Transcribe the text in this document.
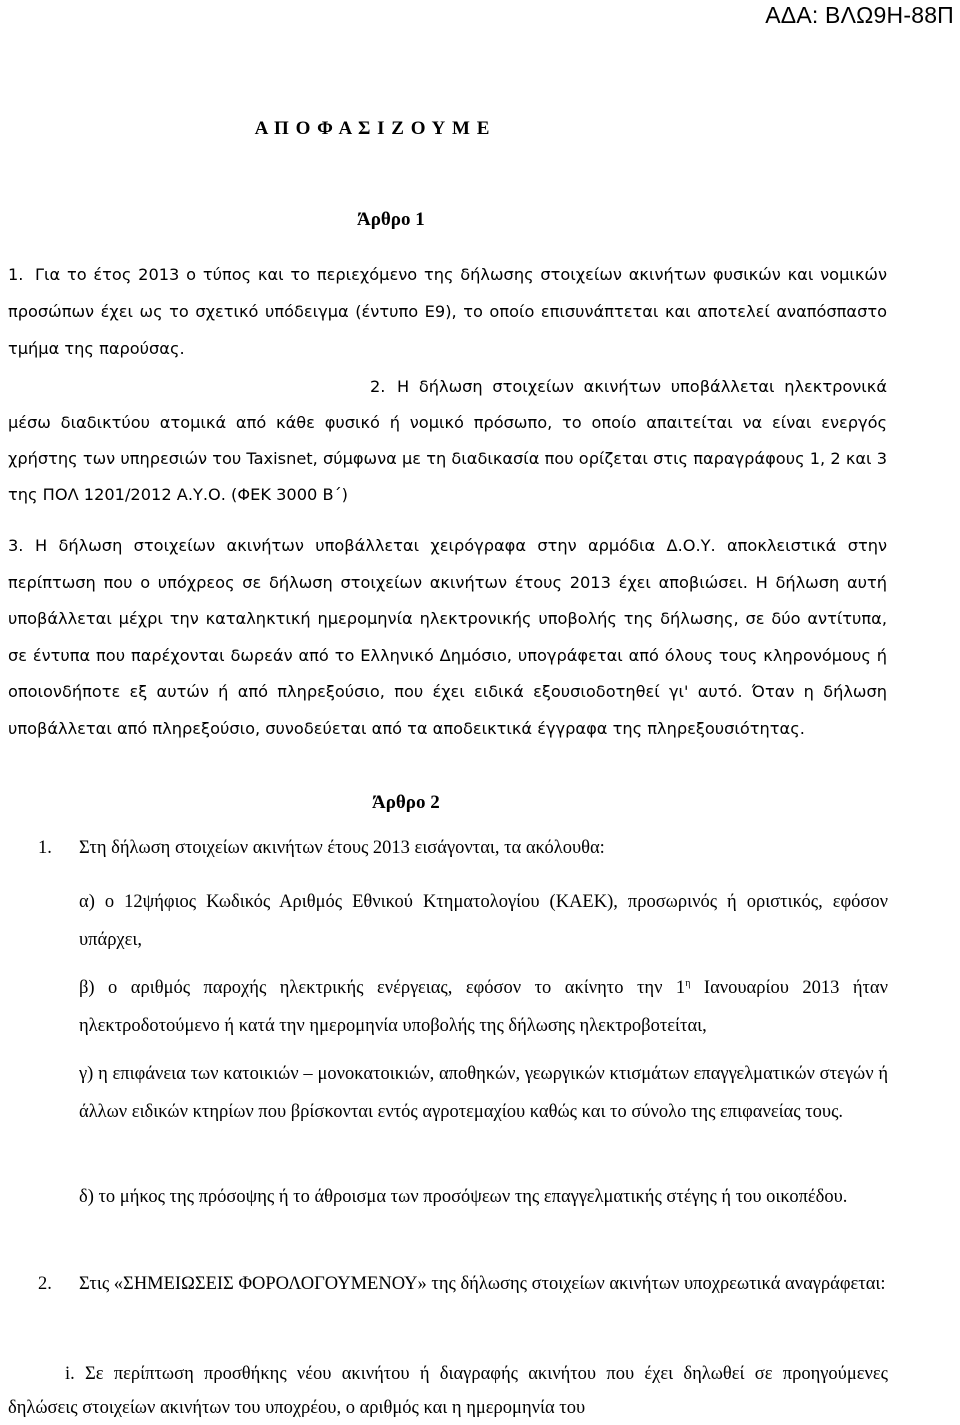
ΑΔΑ: ΒΛΩ9Η-88Π
Α Π Ο Φ Α Σ Ι Ζ Ο Υ Μ Ε
Άρθρο 1
1. Για το έτος 2013 ο τύπος και το περιεχόμενο της δήλωσης στοιχείων ακινήτων φυσικών και νομικών προσώπων έχει ως το σχετικό υπόδειγμα (έντυπο Ε9), το οποίο επισυνάπτεται και αποτελεί αναπόσπαστο τμήμα της παρούσας.
2. Η δήλωση στοιχείων ακινήτων υποβάλλεται ηλεκτρονικά μέσω διαδικτύου ατομικά από κάθε φυσικό ή νομικό πρόσωπο, το οποίο απαιτείται να είναι ενεργός χρήστης των υπηρεσιών του Taxisnet, σύμφωνα με τη διαδικασία που ορίζεται στις παραγράφους 1, 2 και 3 της ΠΟΛ 1201/2012 Α.Υ.Ο. (ΦΕΚ 3000 Β΄)
3. Η δήλωση στοιχείων ακινήτων υποβάλλεται χειρόγραφα στην αρμόδια Δ.Ο.Υ. αποκλειστικά στην περίπτωση που ο υπόχρεος σε δήλωση στοιχείων ακινήτων έτους 2013 έχει αποβιώσει. Η δήλωση αυτή υποβάλλεται μέχρι την καταληκτική ημερομηνία ηλεκτρονικής υποβολής της δήλωσης, σε δύο αντίτυπα, σε έντυπα που παρέχονται δωρεάν από το Ελληνικό Δημόσιο, υπογράφεται από όλους τους κληρονόμους ή οποιονδήποτε εξ αυτών ή από πληρεξούσιο, που έχει ειδικά εξουσιοδοτηθεί γι' αυτό. Όταν η δήλωση υποβάλλεται από πληρεξούσιο, συνοδεύεται από τα αποδεικτικά έγγραφα της πληρεξουσιότητας.
Άρθρο 2
1. Στη δήλωση στοιχείων ακινήτων έτους 2013 εισάγονται, τα ακόλουθα:
α) ο 12ψήφιος Κωδικός Αριθμός Εθνικού Κτηματολογίου (ΚΑΕΚ), προσωρινός ή οριστικός, εφόσον υπάρχει,
β) ο αριθμός παροχής ηλεκτρικής ενέργειας, εφόσον το ακίνητο την $1^\eta$ Ιανουαρίου 2013 ήταν ηλεκτροδοτούμενο ή κατά την ημερομηνία υποβολής της δήλωσης ηλεκτροβοτείται,
γ) η επιφάνεια των κατοικιών – μονοκατοικιών, αποθηκών, γεωργικών κτισμάτων επαγγελματικών στεγών ή άλλων ειδικών κτηρίων που βρίσκονται εντός αγροτεμαχίου καθώς και το σύνολο της επιφανείας τους.
δ) το μήκος της πρόσοψης ή το άθροισμα των προσόψεων της επαγγελματικής στέγης ή του οικοπέδου.
2. Στις «ΣΗΜΕΙΩΣΕΙΣ ΦΟΡΟΛΟΓΟΥΜΕΝΟΥ» της δήλωσης στοιχείων ακινήτων υποχρεωτικά αναγράφεται:
i. Σε περίπτωση προσθήκης νέου ακινήτου ή διαγραφής ακινήτου που έχει δηλωθεί σε προηγούμενες δηλώσεις στοιχείων ακινήτων του υποχρέου, ο αριθμός και η ημερομηνία του
